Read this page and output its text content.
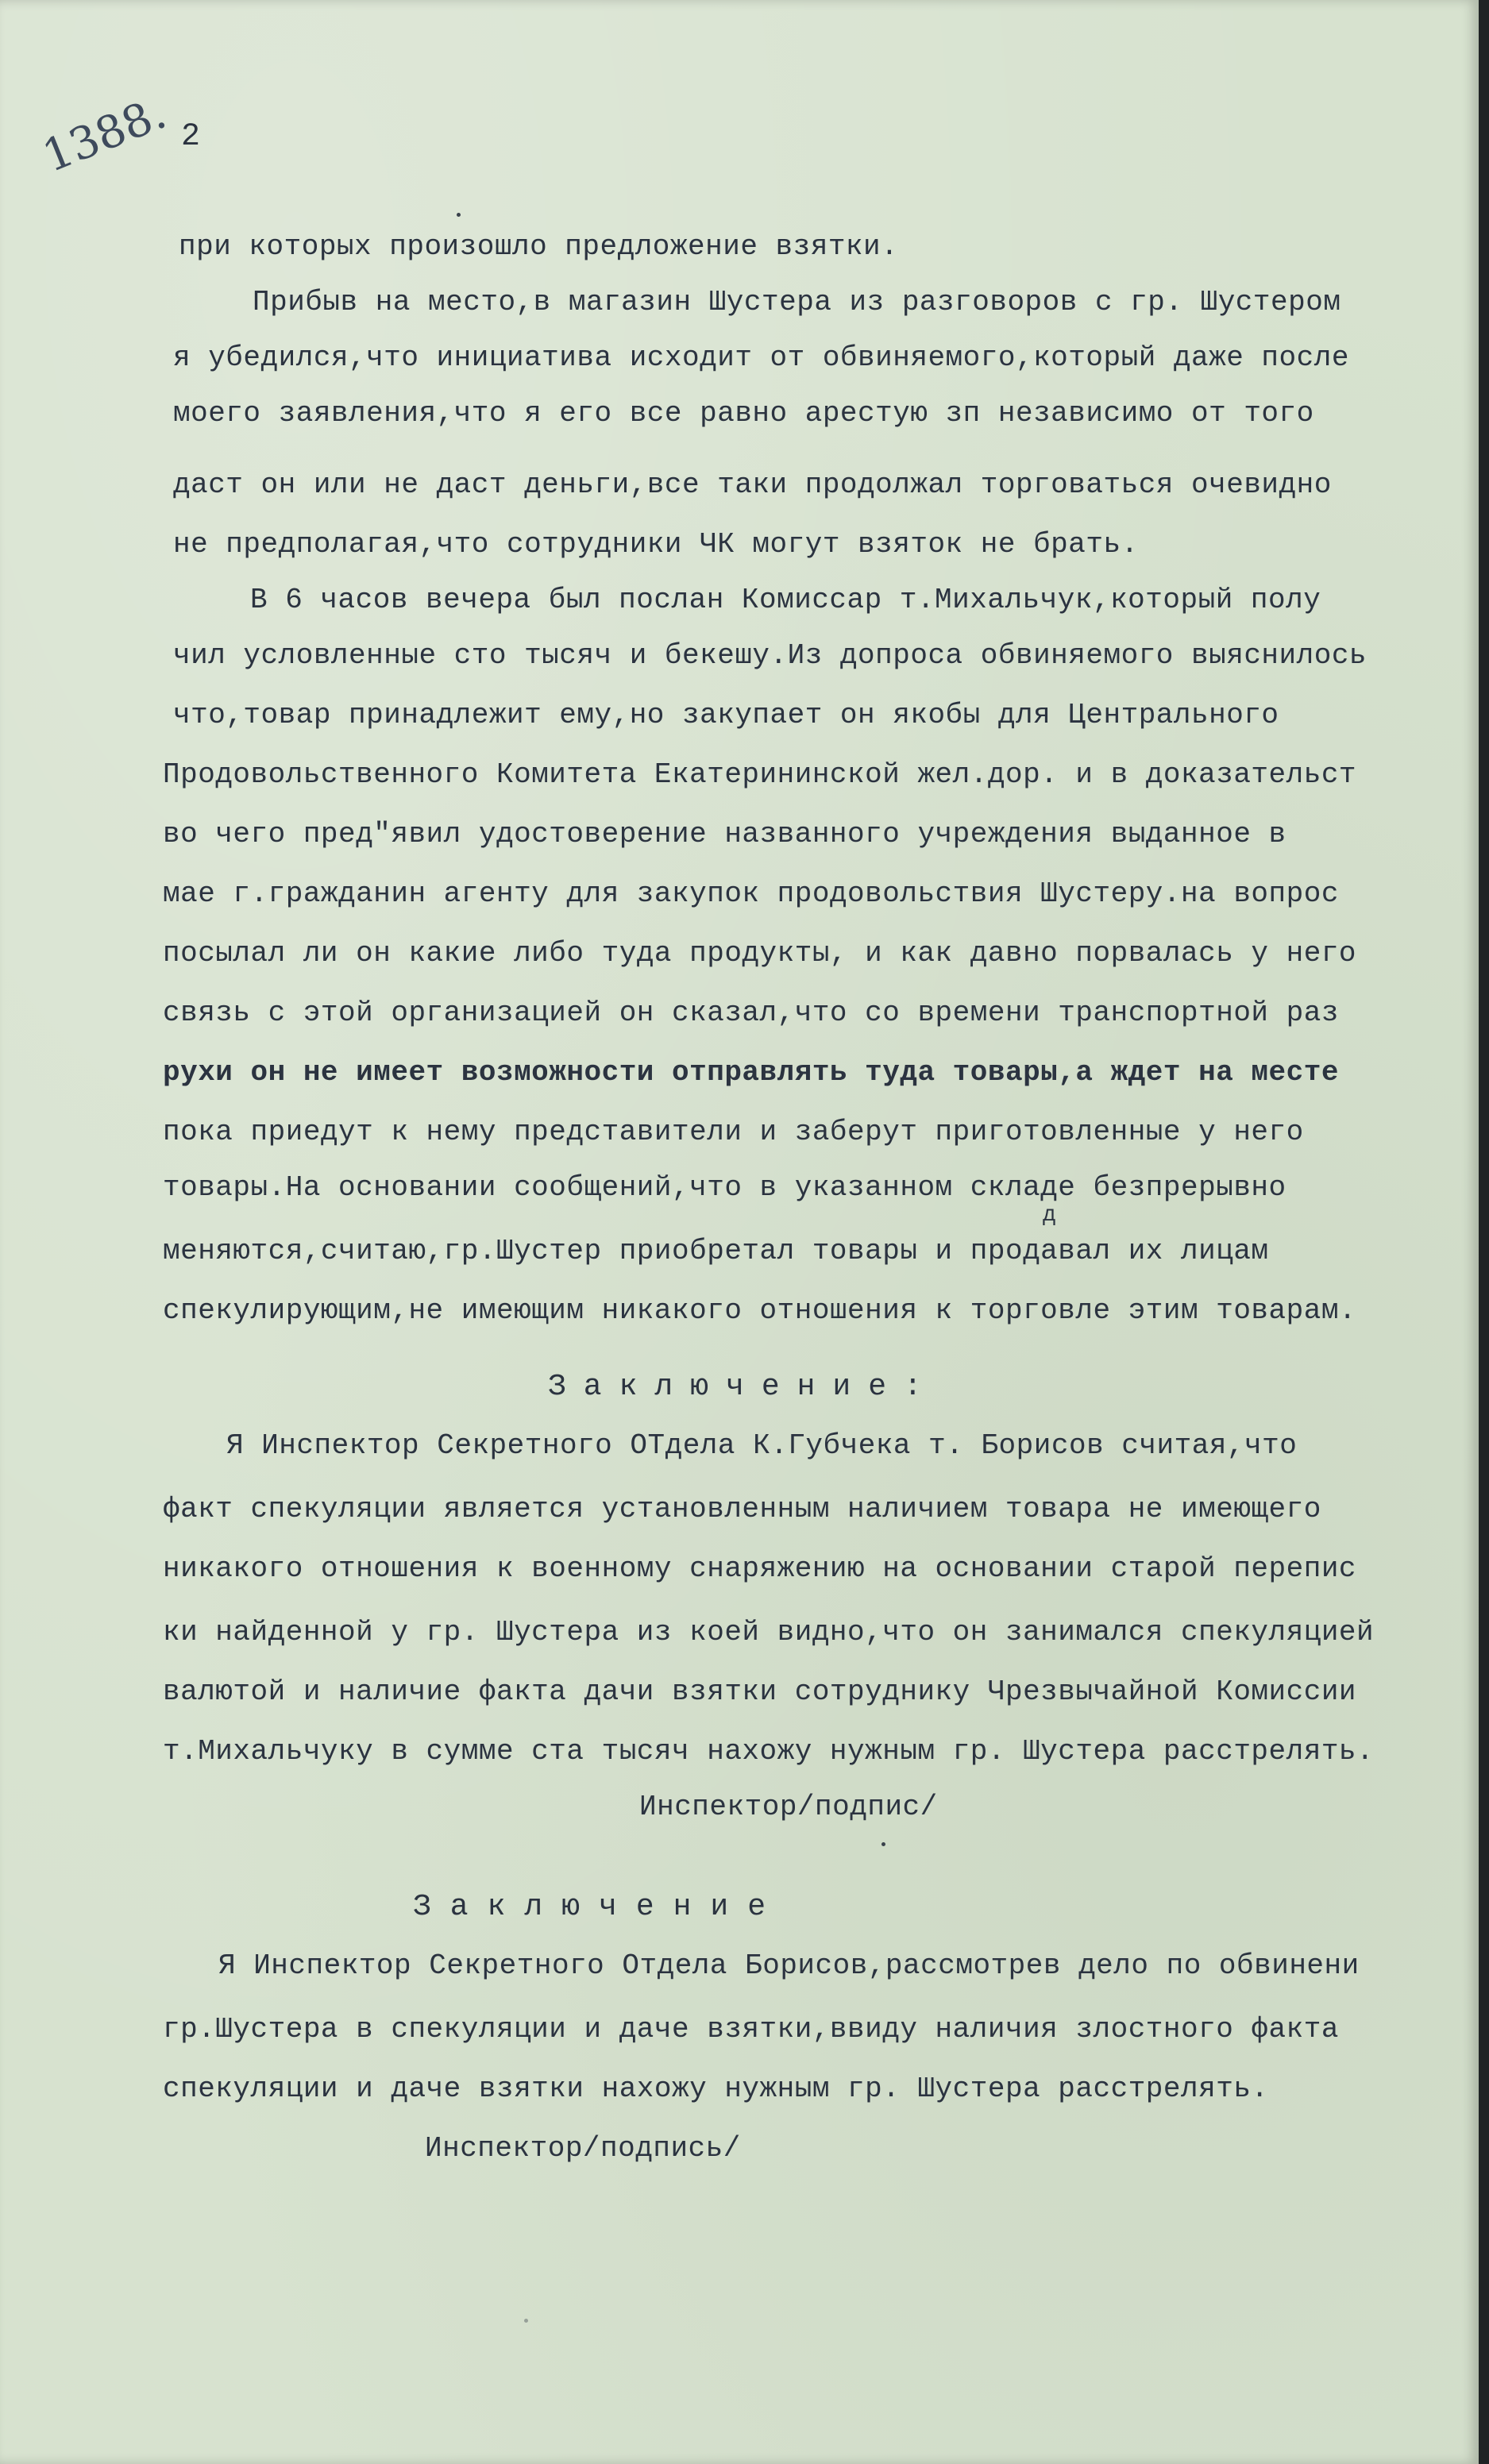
1388. 2
при которых произошло предложение взятки.
Прибыв на место,в магазин Шустера из разговоров с гр. Шустером
я убедился,что инициатива исходит от обвиняемого,который даже после
моего заявления,что я его все равно арестую зп независимо от того
даст он или не даст деньги,все таки продолжал торговаться очевидно
не предполагая,что сотрудники ЧК могут взяток не брать.
В 6 часов вечера был послан Комиссар т.Михальчук,который полу
чил условленные сто тысяч и бекешу.Из допроса обвиняемого выяснилось
что,товар принадлежит ему,но закупает он якобы для Центрального
Продовольственного Комитета Екатерининской жел.дор. и в доказательст
во чего пред"явил удостоверение названного учреждения выданное в
мае г.гражданин агенту для закупок продовольствия Шустеру.на вопрос
посылал ли он какие либо туда продукты, и как давно порвалась у него
связь с этой организацией он сказал,что со времени транспортной раз
рухи он не имеет возможности отправлять туда товары,а ждет на месте
пока приедут к нему представители и заберут приготовленные у него
товары.На основании сообщений,что в указанном складе безпрерывно
меняются,считаю,гр.Шустер приобретал товары и продавал их лицам
спекулирующим,не имеющим никакого отношения к торговле этим товарам.
д
Заключение:
Я Инспектор Секретного ОТдела К.Губчека т. Борисов считая,что
факт спекуляции является установленным наличием товара не имеющего
никакого отношения к военному снаряжению на основании старой перепис
ки найденной у гр. Шустера из коей видно,что он занимался спекуляцией
валютой и наличие факта дачи взятки сотруднику Чрезвычайной Комиссии
т.Михальчуку в сумме ста тысяч нахожу нужным гр. Шустера расстрелять.
Инспектор/подпис/
Заключение
Я Инспектор Секретного Отдела Борисов,рассмотрев дело по обвинени
гр.Шустера в спекуляции и даче взятки,ввиду наличия злостного факта
спекуляции и даче взятки нахожу нужным гр. Шустера расстрелять.
Инспектор/подпись/
